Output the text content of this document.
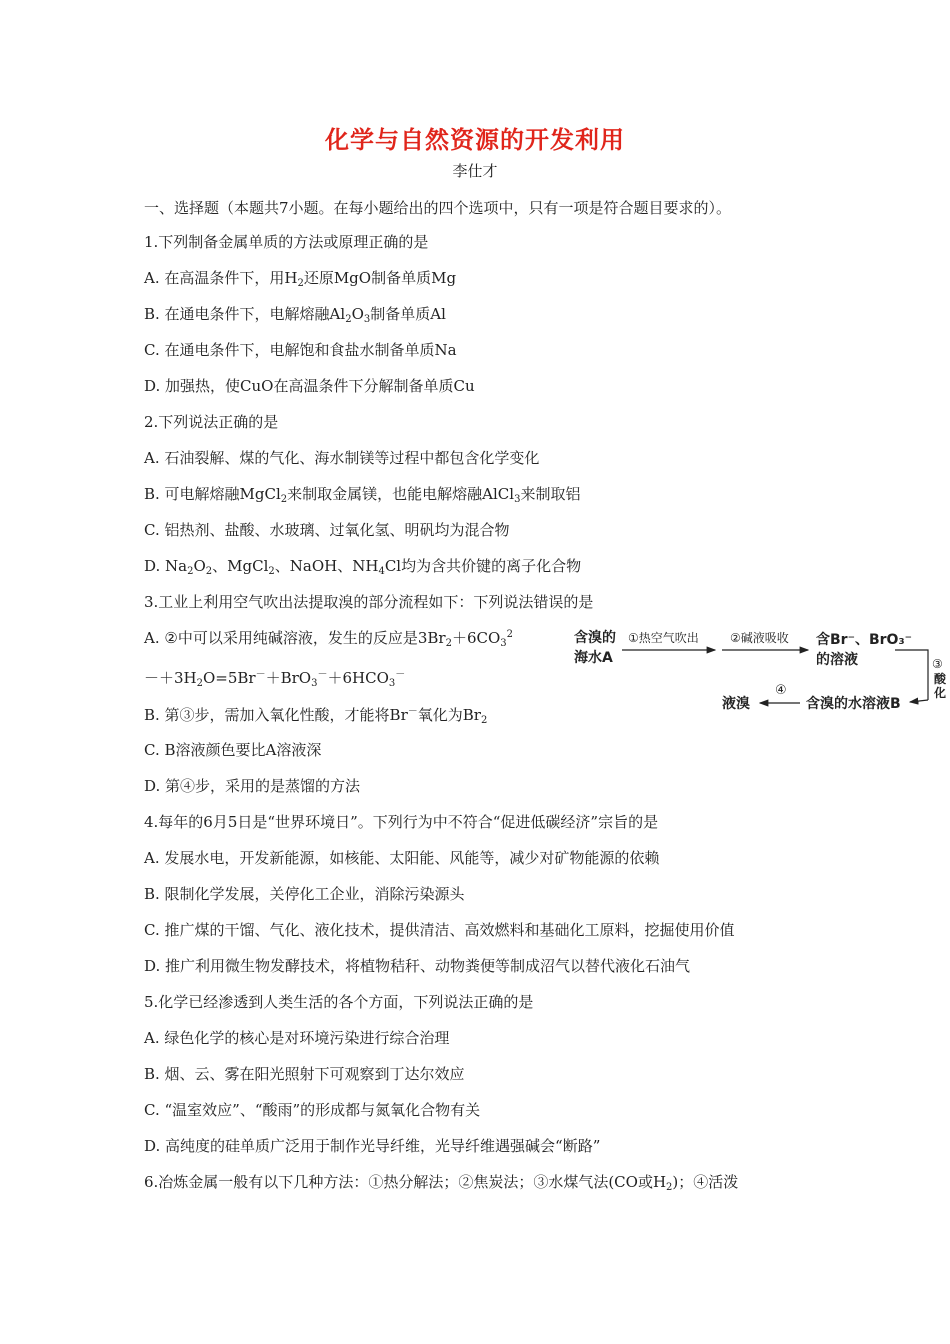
化学与自然资源的开发利用
李仕才
一、选择题（本题共7小题。在每小题给出的四个选项中，只有一项是符合题目要求的）。
1.下列制备金属单质的方法或原理正确的是
A. 在高温条件下，用$H_2$还原MgO制备单质Mg
B. 在通电条件下，电解熔融$Al_2O_3$制备单质Al
C. 在通电条件下，电解饱和食盐水制备单质Na
D. 加强热，使CuO在高温条件下分解制备单质Cu
2.下列说法正确的是
A. 石油裂解、煤的气化、海水制镁等过程中都包含化学变化
B. 可电解熔融MgCl$_2$来制取金属镁，也能电解熔融AlCl$_3$来制取铝
C. 铝热剂、盐酸、水玻璃、过氧化氢、明矾均为混合物
D. $Na_2O_2$、MgCl$_2$、NaOH、$NH_4Cl$均为含共价键的离子化合物
3.工业上利用空气吹出法提取溴的部分流程如下：下列说法错误的是
A. ②中可以采用纯碱溶液，发生的反应是$3Br_2+6CO_3^2$
$-+3H_2O=5Br^-+BrO_3^-+6HCO_3^-$
B. 第③步，需加入氧化性酸，才能将Br－氧化为$Br_2$
C. B溶液颜色要比A溶液深
D. 第④步，采用的是蒸馏的方法
含溴的
海水A
①热空气吹出	②碱液吸收 含Br⁻、BrO₃⁻
的溶液	③
酸
化
含溴的水溶液B
④
液溴
4.每年的6月5日是“世界环境日”。下列行为中不符合“促进低碳经济”宗旨的是
A. 发展水电，开发新能源，如核能、太阳能、风能等，减少对矿物能源的依赖
B. 限制化学发展，关停化工企业，消除污染源头
C. 推广煤的干馏、气化、液化技术，提供清洁、高效燃料和基础化工原料，挖掘使用价值
D. 推广利用微生物发酵技术，将植物秸秆、动物粪便等制成沼气以替代液化石油气
5.化学已经渗透到人类生活的各个方面，下列说法正确的是
A. 绿色化学的核心是对环境污染进行综合治理
B. 烟、云、雾在阳光照射下可观察到丁达尔效应
C. “温室效应”、“酸雨”的形成都与氮氧化合物有关
D. 高纯度的硅单质广泛用于制作光导纤维，光导纤维遇强碱会“断路”
6.冶炼金属一般有以下几种方法：①热分解法；②焦炭法；③水煤气法(CO或$H_2$)；④活泼
